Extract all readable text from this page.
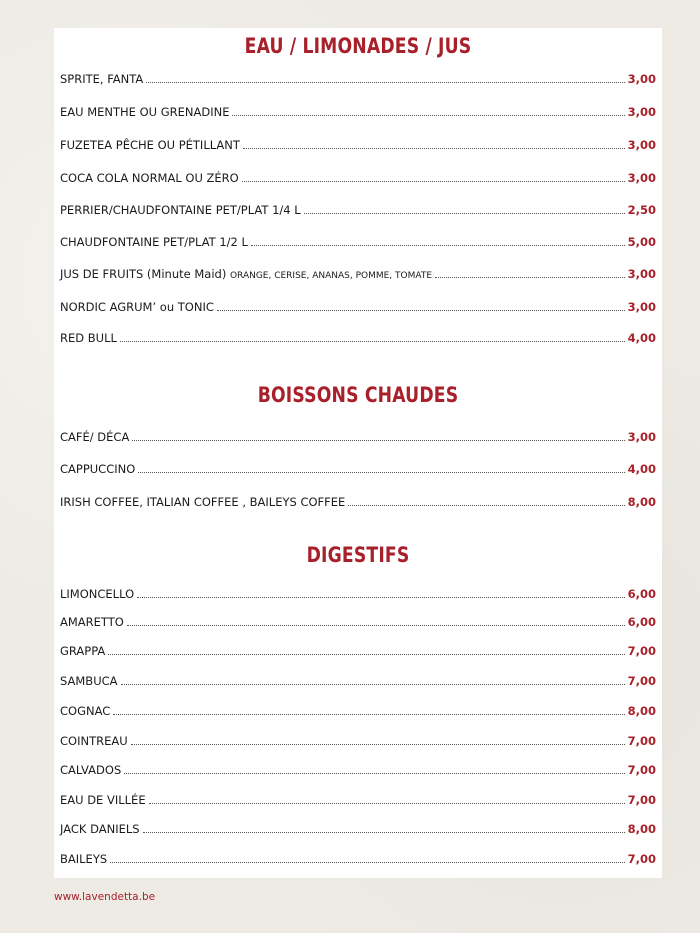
EAU / LIMONADES / JUS
SPRITE, FANTA	3,00
EAU MENTHE OU GRENADINE	3,00
FUZETEA PÊCHE OU PÉTILLANT	3,00
COCA COLA NORMAL OU ZÉRO	3,00
PERRIER/CHAUDFONTAINE PET/PLAT 1/4 L	2,50
CHAUDFONTAINE PET/PLAT 1/2 L	5,00
JUS DE FRUITS (Minute Maid) ORANGE, CERISE, ANANAS, POMME, TOMATE	3,00
NORDIC AGRUM’ ou TONIC	3,00
RED BULL	4,00
BOISSONS CHAUDES
CAFÉ/ DÉCA	3,00
CAPPUCCINO	4,00
IRISH COFFEE, ITALIAN COFFEE , BAILEYS COFFEE	8,00
DIGESTIFS
LIMONCELLO	6,00
AMARETTO	6,00
GRAPPA	7,00
SAMBUCA	7,00
COGNAC	8,00
COINTREAU	7,00
CALVADOS	7,00
EAU DE VILLÉE	7,00
JACK DANIELS	8,00
BAILEYS	7,00
www.lavendetta.be
